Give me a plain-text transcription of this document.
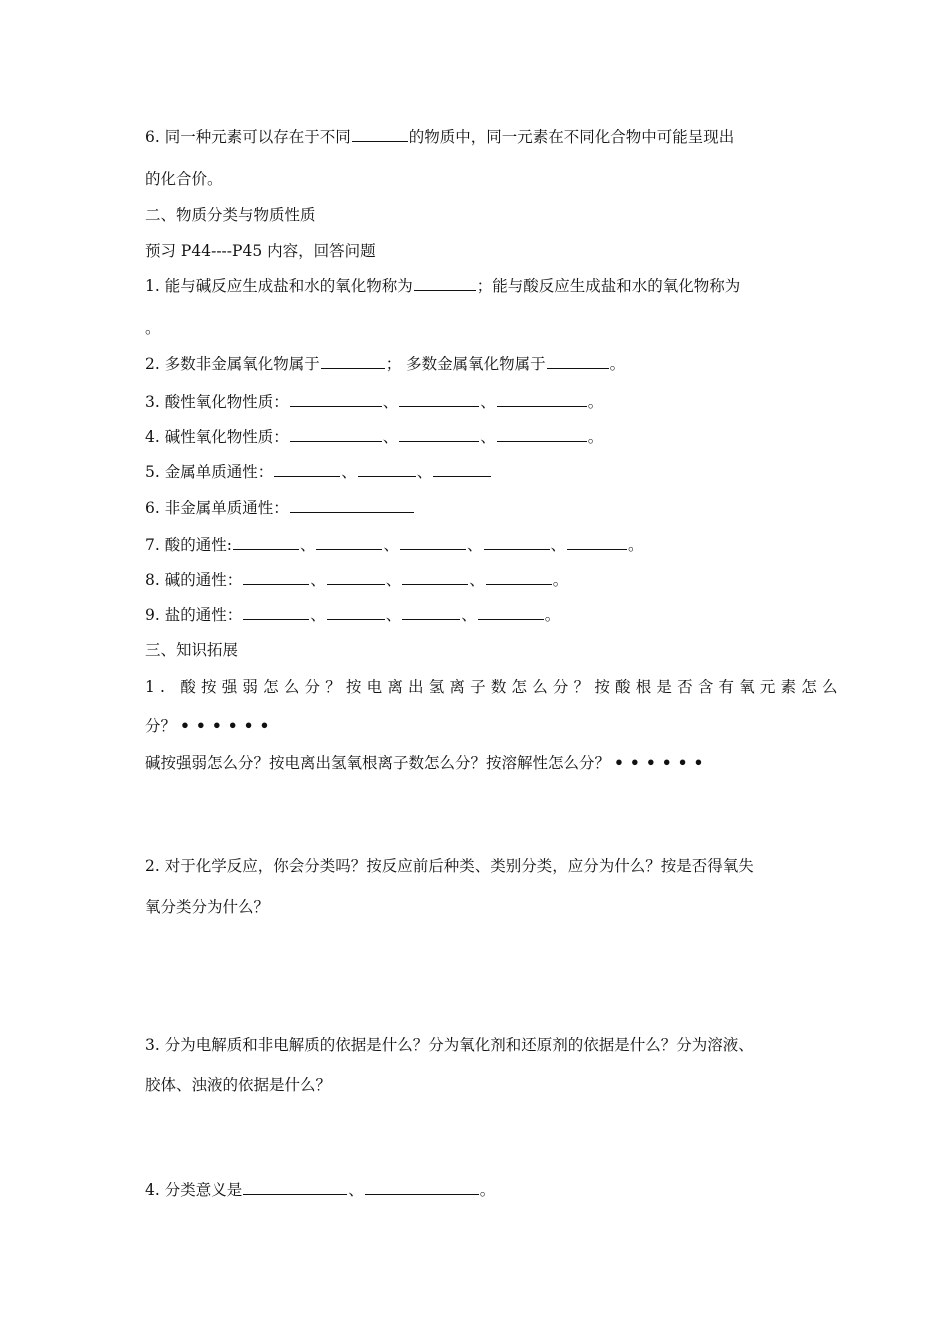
6. 同一种元素可以存在于不同	的物质中，同一元素在不同化合物中可能呈现出
的化合价。
二、物质分类与物质性质
预习 P44----P45 内容，回答问题
1. 能与碱反应生成盐和水的氧化物称为	；能与酸反应生成盐和水的氧化物称为
。
2. 多数非金属氧化物属于	； 多数金属氧化物属于	。
3. 酸性氧化物性质：	、	、	。
4. 碱性氧化物性质：	、	、	。
5. 金属单质通性：	、	、
6. 非金属单质通性：
7. 酸的通性:	、	、	、	、	。
8. 碱的通性：	、	、	、	。
9. 盐的通性：	、	、	、	。
三、知识拓展
1. 酸按强弱怎么分？按电离出氢离子数怎么分？按酸根是否含有氧元素怎么
分？ ••••••
碱按强弱怎么分？按电离出氢氧根离子数怎么分？按溶解性怎么分？ ••••••
2. 对于化学反应，你会分类吗？按反应前后种类、类别分类，应分为什么？按是否得氧失
氧分类分为什么？
3. 分为电解质和非电解质的依据是什么？分为氧化剂和还原剂的依据是什么？分为溶液、
胶体、浊液的依据是什么？
4. 分类意义是	、	。
